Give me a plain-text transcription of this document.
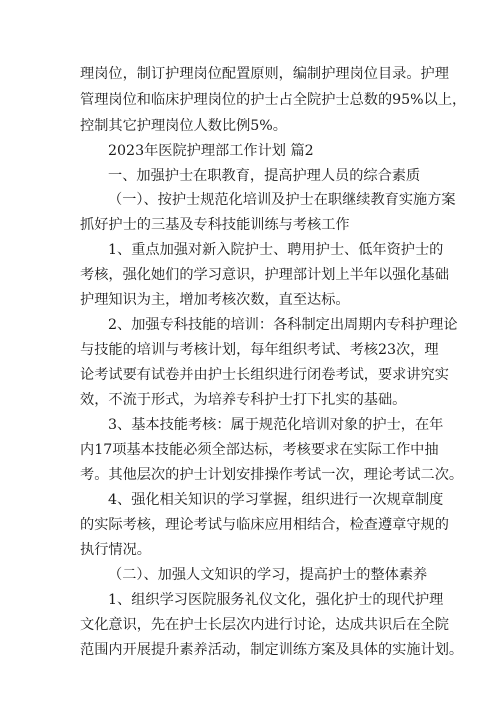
理岗位，制订护理岗位配置原则，编制护理岗位目录。护理
管理岗位和临床护理岗位的护士占全院护士总数的95%以上，
控制其它护理岗位人数比例5%。
2023年医院护理部工作计划 篇2
一、加强护士在职教育，提高护理人员的综合素质
（一）、按护士规范化培训及护士在职继续教育实施方案
抓好护士的三基及专科技能训练与考核工作
1、重点加强对新入院护士、聘用护士、低年资护士的
考核，强化她们的学习意识，护理部计划上半年以强化基础
护理知识为主，增加考核次数，直至达标。
2、加强专科技能的培训：各科制定出周期内专科护理论
与技能的培训与考核计划，每年组织考试、考核23次，理
论考试要有试卷并由护士长组织进行闭卷考试，要求讲究实
效，不流于形式，为培养专科护士打下扎实的基础。
3、基本技能考核：属于规范化培训对象的护士，在年
内17项基本技能必须全部达标，考核要求在实际工作中抽
考。其他层次的护士计划安排操作考试一次，理论考试二次。
4、强化相关知识的学习掌握，组织进行一次规章制度
的实际考核，理论考试与临床应用相结合，检查遵章守规的
执行情况。
（二）、加强人文知识的学习，提高护士的整体素养
1、组织学习医院服务礼仪文化，强化护士的现代护理
文化意识，先在护士长层次内进行讨论，达成共识后在全院
范围内开展提升素养活动，制定训练方案及具体的实施计划。
